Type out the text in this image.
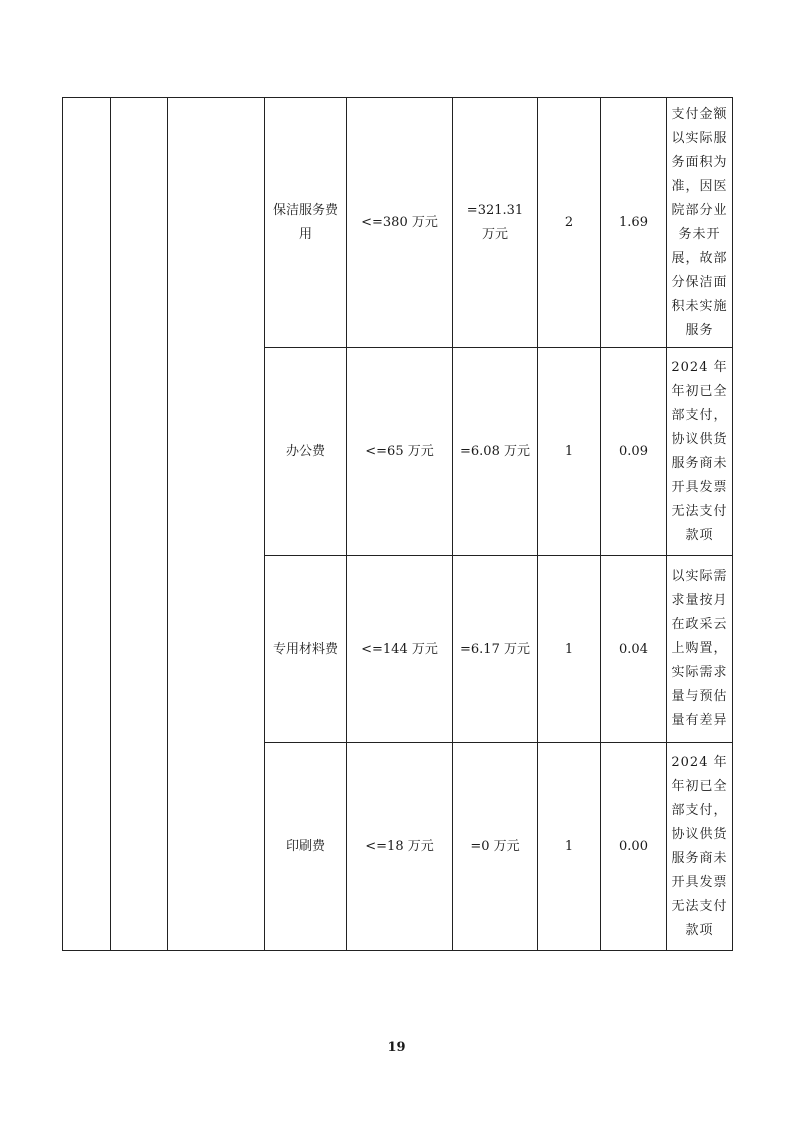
			保洁服务费用	<=380 万元	=321.31 万元	2	1.69	支付金额以实际服务面积为准，因医院部分业务未开展，故部分保洁面积未实施服务

			办公费	<=65 万元	=6.08 万元	1	0.09	2024 年年初已全部支付，协议供货服务商未开具发票无法支付款项

			专用材料费	<=144 万元	=6.17 万元	1	0.04	以实际需求量按月在政采云上购置，实际需求量与预估量有差异

			印刷费	<=18 万元	=0 万元	1	0.00	2024 年年初已全部支付，协议供货服务商未开具发票无法支付款项
19
